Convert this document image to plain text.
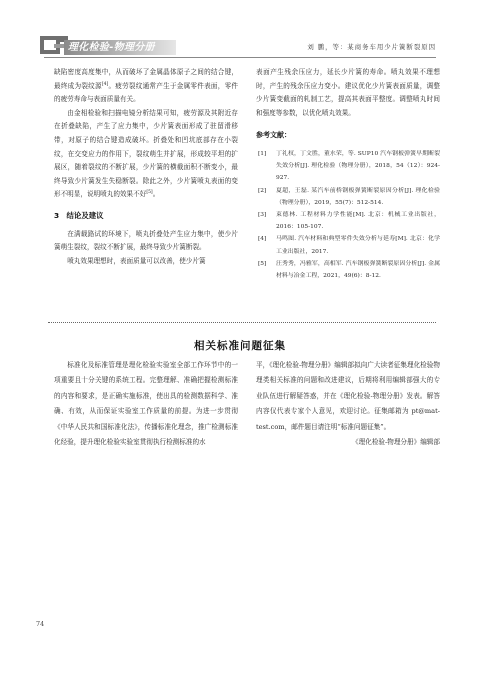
理化检验-物理分册	刘 鹏，等：某商务车用少片簧断裂原因

缺陷密度高度集中，从而破坏了金属晶体原子之间的结合键，最终成为裂纹源[4]。疲劳裂纹通常产生于金属零件表面，零件的疲劳寿命与表面质量有关。

由金相检验和扫描电镜分析结果可知，疲劳源及其附近存在折叠缺陷，产生了应力集中，少片簧表面形成了驻留滑移带，对原子的结合键造成破坏。折叠处和凹坑底部存在小裂纹，在交变应力的作用下，裂纹萌生并扩展，形成较平坦的扩展区，随着裂纹的不断扩展，少片簧的横截面积不断变小，最终导致少片簧发生失稳断裂。除此之外，少片簧喷丸表面的变形不明显，说明喷丸的效果不好[5]。

3　结论及建议

在满载路试的环境下，喷丸折叠处产生应力集中，使少片簧萌生裂纹，裂纹不断扩展，最终导致少片簧断裂。

喷丸效果理想时，表面质量可以改善，使少片簧

表面产生残余压应力，延长少片簧的寿命。喷丸效果不理想时，产生的残余压应力变小。建议优化少片簧表面质量，调整少片簧变截面的轧制工艺，提高其表面平整度。调整喷丸时间和强度等参数，以优化喷丸效果。

参考文献：
[1]	丁礼权，丁文胜，董水荣，等. SUP10 汽车钢板弹簧早期断裂失效分析[J]. 理化检验（物理分册），2018，54（12）：924-927.
[2]	夏超，王磊. 某汽车前桥钢板弹簧断裂原因分析[J]. 理化检验（物理分册），2019，55(7)：512-514.
[3]	束德林. 工程材料力学性能[M]. 北京：机械工业出版社，2016：105-107.
[4]	马鸣图. 汽车材料和典型零件失效分析与延寿[M]. 北京：化学工业出版社，2017.
[5]	汪秀秀，冯雅军，高相军. 汽车钢板弹簧断裂原因分析[J]. 金属材料与冶金工程，2021，49(6)：8-12.
相关标准问题征集

标准化及标准管理是理化检验实验室全部工作环节中的一项重要且十分关键的系统工程。完整理解、准确把握检测标准的内容和要求，是正确实施标准，使出具的检测数据科学、准确、有效，从而保证实验室工作质量的前提。为进一步贯彻《中华人民共和国标准化法》，传播标准化理念，推广检测标准化经验，提升理化检验实验室贯彻执行检测标准的水

平，《理化检验-物理分册》编辑部拟向广大读者征集理化检验物理类相关标准的问题和改进建议，后期将利用编辑部强大的专业队伍进行解疑答惑，并在《理化检验-物理分册》发表。解答内容仅代表专家个人意见，欢迎讨论。征集邮箱为 pt@mat-test.com，邮件题目请注明“标准问题征集”。

《理化检验-物理分册》编辑部
74
